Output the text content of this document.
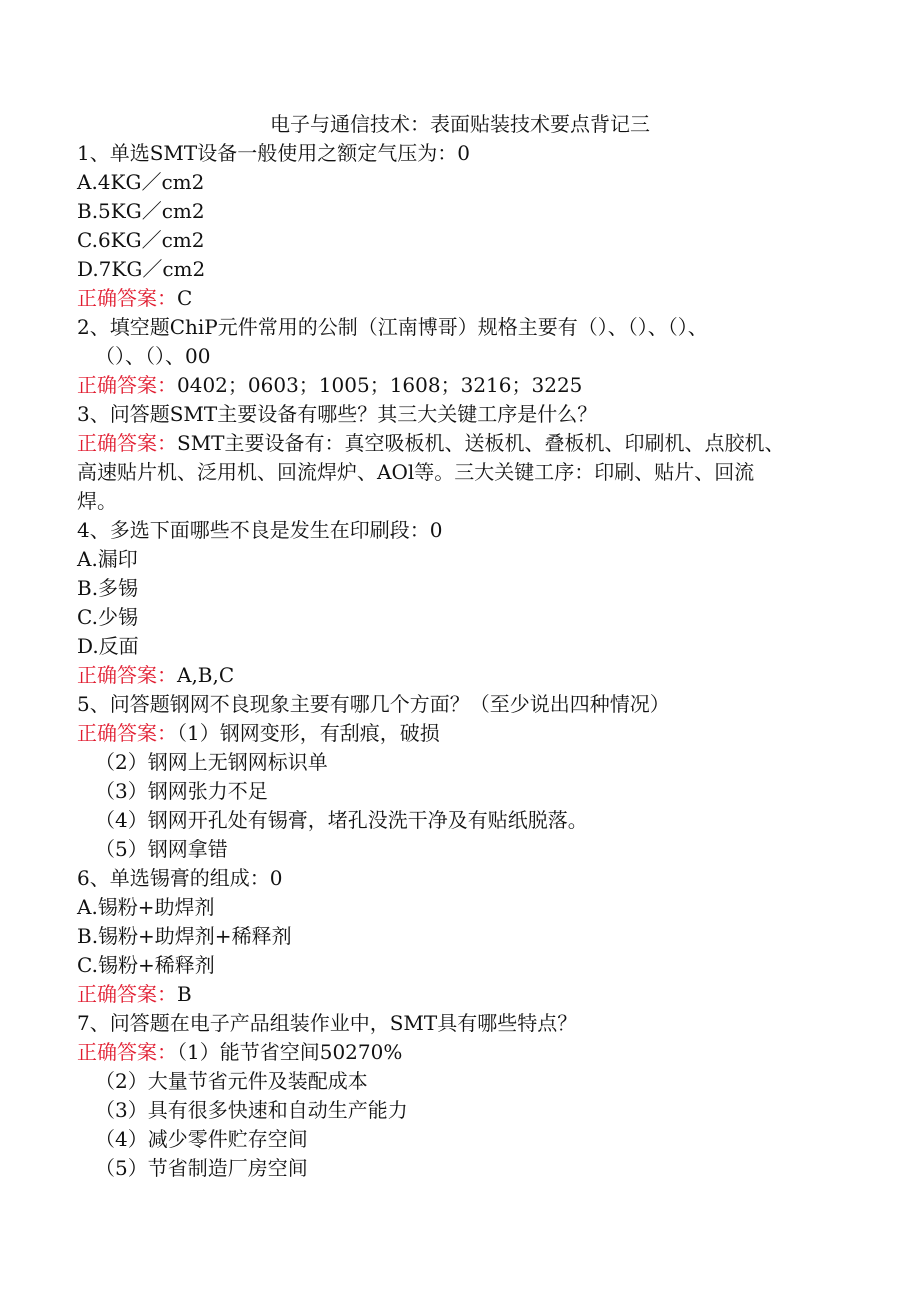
电子与通信技术：表面贴装技术要点背记三
1、单选SMT设备一般使用之额定气压为：0
A.4KG／cm2
B.5KG／cm2
C.6KG／cm2
D.7KG／cm2
正确答案：C
2、填空题ChiP元件常用的公制（江南博哥）规格主要有（）、（）、（）、
（）、（）、00
正确答案：0402；0603；1005；1608；3216；3225
3、问答题SMT主要设备有哪些？其三大关键工序是什么？
正确答案：SMT主要设备有：真空吸板机、送板机、叠板机、印刷机、点胶机、
高速贴片机、泛用机、回流焊炉、AOl等。三大关键工序：印刷、贴片、回流
焊。
4、多选下面哪些不良是发生在印刷段：0
A.漏印
B.多锡
C.少锡
D.反面
正确答案：A,B,C
5、问答题钢网不良现象主要有哪几个方面？（至少说出四种情况）
正确答案：（1）钢网变形，有刮痕，破损
（2）钢网上无钢网标识单
（3）钢网张力不足
（4）钢网开孔处有锡膏，堵孔没洗干净及有贴纸脱落。
（5）钢网拿错
6、单选锡膏的组成：0
A.锡粉+助焊剂
B.锡粉+助焊剂+稀释剂
C.锡粉+稀释剂
正确答案：B
7、问答题在电子产品组装作业中，SMT具有哪些特点？
正确答案：（1）能节省空间50270%
（2）大量节省元件及装配成本
（3）具有很多快速和自动生产能力
（4）减少零件贮存空间
（5）节省制造厂房空间
